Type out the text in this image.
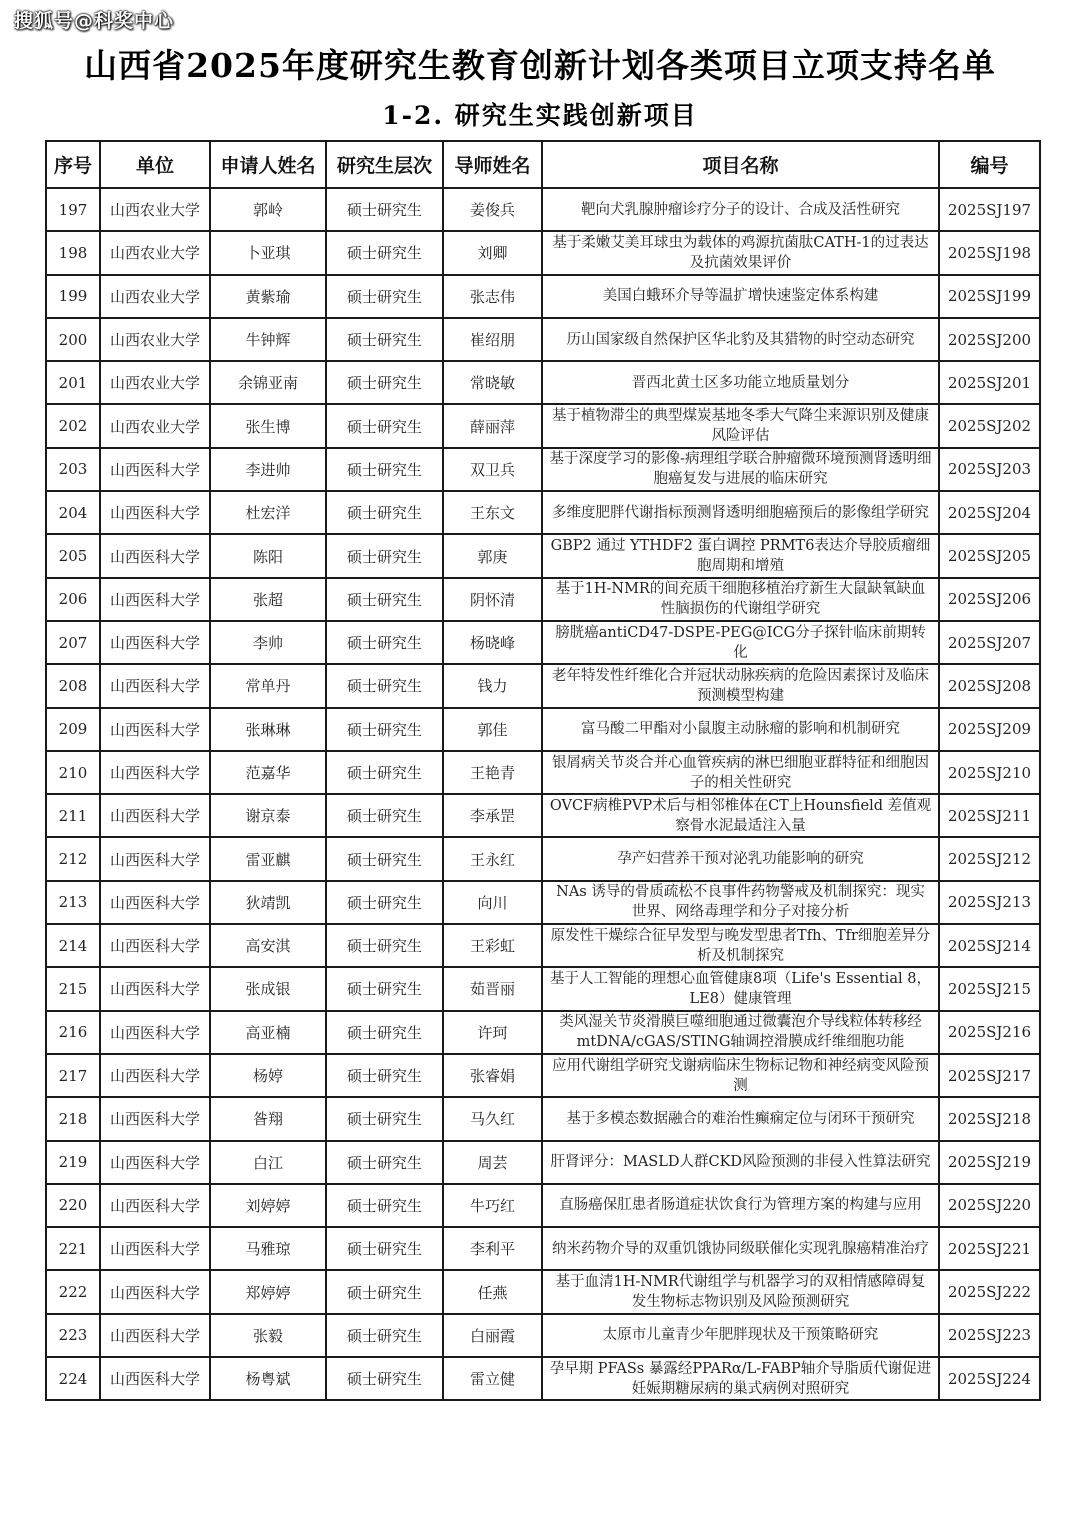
搜狐号@科奖中心
山西省2025年度研究生教育创新计划各类项目立项支持名单
1-2. 研究生实践创新项目
序号	单位	申请人姓名	研究生层次	导师姓名	项目名称	编号
197	山西农业大学	郭岭	硕士研究生	姜俊兵	靶向犬乳腺肿瘤诊疗分子的设计、合成及活性研究	2025SJ197
198	山西农业大学	卜亚琪	硕士研究生	刘卿	基于柔嫩艾美耳球虫为载体的鸡源抗菌肽CATH-1的过表达及抗菌效果评价	2025SJ198
199	山西农业大学	黄紫瑜	硕士研究生	张志伟	美国白蛾环介导等温扩增快速鉴定体系构建	2025SJ199
200	山西农业大学	牛钟辉	硕士研究生	崔绍朋	历山国家级自然保护区华北豹及其猎物的时空动态研究	2025SJ200
201	山西农业大学	余锦亚南	硕士研究生	常晓敏	晋西北黄土区多功能立地质量划分	2025SJ201
202	山西农业大学	张生博	硕士研究生	薛丽萍	基于植物滞尘的典型煤炭基地冬季大气降尘来源识别及健康风险评估	2025SJ202
203	山西医科大学	李进帅	硕士研究生	双卫兵	基于深度学习的影像-病理组学联合肿瘤微环境预测肾透明细胞癌复发与进展的临床研究	2025SJ203
204	山西医科大学	杜宏洋	硕士研究生	王东文	多维度肥胖代谢指标预测肾透明细胞癌预后的影像组学研究	2025SJ204
205	山西医科大学	陈阳	硕士研究生	郭庚	GBP2 通过 YTHDF2 蛋白调控 PRMT6表达介导胶质瘤细胞周期和增殖	2025SJ205
206	山西医科大学	张超	硕士研究生	阴怀清	基于1H-NMR的间充质干细胞移植治疗新生大鼠缺氧缺血性脑损伤的代谢组学研究	2025SJ206
207	山西医科大学	李帅	硕士研究生	杨晓峰	膀胱癌antiCD47-DSPE-PEG@ICG分子探针临床前期转化	2025SJ207
208	山西医科大学	常单丹	硕士研究生	钱力	老年特发性纤维化合并冠状动脉疾病的危险因素探讨及临床预测模型构建	2025SJ208
209	山西医科大学	张琳琳	硕士研究生	郭佳	富马酸二甲酯对小鼠腹主动脉瘤的影响和机制研究	2025SJ209
210	山西医科大学	范嘉华	硕士研究生	王艳青	银屑病关节炎合并心血管疾病的淋巴细胞亚群特征和细胞因子的相关性研究	2025SJ210
211	山西医科大学	谢京泰	硕士研究生	李承罡	OVCF病椎PVP术后与相邻椎体在CT上Hounsfield 差值观察骨水泥最适注入量	2025SJ211
212	山西医科大学	雷亚麒	硕士研究生	王永红	孕产妇营养干预对泌乳功能影响的研究	2025SJ212
213	山西医科大学	狄靖凯	硕士研究生	向川	NAs 诱导的骨质疏松不良事件药物警戒及机制探究：现实世界、网络毒理学和分子对接分析	2025SJ213
214	山西医科大学	高安淇	硕士研究生	王彩虹	原发性干燥综合征早发型与晚发型患者Tfh、Tfr细胞差异分析及机制探究	2025SJ214
215	山西医科大学	张成银	硕士研究生	茹晋丽	基于人工智能的理想心血管健康8项（Life's Essential 8，LE8）健康管理	2025SJ215
216	山西医科大学	高亚楠	硕士研究生	许珂	类风湿关节炎滑膜巨噬细胞通过微囊泡介导线粒体转移经mtDNA/cGAS/STING轴调控滑膜成纤维细胞功能	2025SJ216
217	山西医科大学	杨婷	硕士研究生	张睿娟	应用代谢组学研究戈谢病临床生物标记物和神经病变风险预测	2025SJ217
218	山西医科大学	昝翔	硕士研究生	马久红	基于多模态数据融合的难治性癫痫定位与闭环干预研究	2025SJ218
219	山西医科大学	白江	硕士研究生	周芸	肝肾评分：MASLD人群CKD风险预测的非侵入性算法研究	2025SJ219
220	山西医科大学	刘婷婷	硕士研究生	牛巧红	直肠癌保肛患者肠道症状饮食行为管理方案的构建与应用	2025SJ220
221	山西医科大学	马雅琼	硕士研究生	李利平	纳米药物介导的双重饥饿协同级联催化实现乳腺癌精准治疗	2025SJ221
222	山西医科大学	郑婷婷	硕士研究生	任燕	基于血清1H-NMR代谢组学与机器学习的双相情感障碍复发生物标志物识别及风险预测研究	2025SJ222
223	山西医科大学	张毅	硕士研究生	白丽霞	太原市儿童青少年肥胖现状及干预策略研究	2025SJ223
224	山西医科大学	杨粤斌	硕士研究生	雷立健	孕早期 PFASs 暴露经PPARα/L-FABP轴介导脂质代谢促进妊娠期糖尿病的巢式病例对照研究	2025SJ224
